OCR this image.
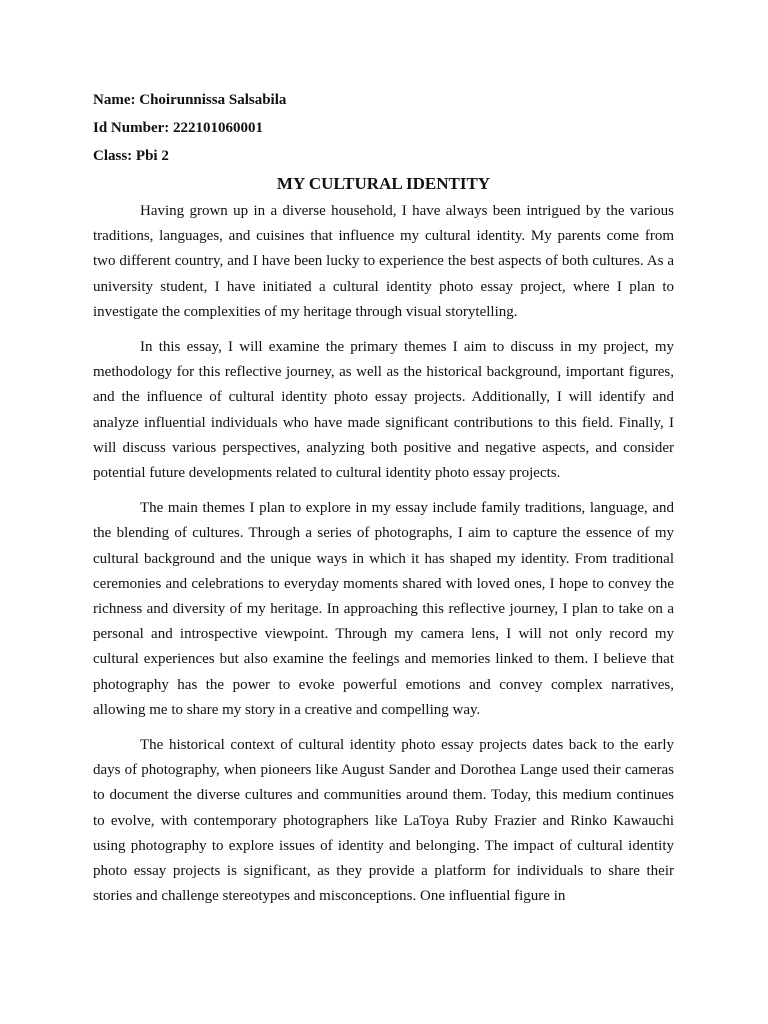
Name: Choirunnissa Salsabila

Id Number: 222101060001

Class: Pbi 2

MY CULTURAL IDENTITY

Having grown up in a diverse household, I have always been intrigued by the various traditions, languages, and cuisines that influence my cultural identity. My parents come from two different country, and I have been lucky to experience the best aspects of both cultures. As a university student, I have initiated a cultural identity photo essay project, where I plan to investigate the complexities of my heritage through visual storytelling.

In this essay, I will examine the primary themes I aim to discuss in my project, my methodology for this reflective journey, as well as the historical background, important figures, and the influence of cultural identity photo essay projects. Additionally, I will identify and analyze influential individuals who have made significant contributions to this field. Finally, I will discuss various perspectives, analyzing both positive and negative aspects, and consider potential future developments related to cultural identity photo essay projects.

The main themes I plan to explore in my essay include family traditions, language, and the blending of cultures. Through a series of photographs, I aim to capture the essence of my cultural background and the unique ways in which it has shaped my identity. From traditional ceremonies and celebrations to everyday moments shared with loved ones, I hope to convey the richness and diversity of my heritage. In approaching this reflective journey, I plan to take on a personal and introspective viewpoint. Through my camera lens, I will not only record my cultural experiences but also examine the feelings and memories linked to them. I believe that photography has the power to evoke powerful emotions and convey complex narratives, allowing me to share my story in a creative and compelling way.

The historical context of cultural identity photo essay projects dates back to the early days of photography, when pioneers like August Sander and Dorothea Lange used their cameras to document the diverse cultures and communities around them. Today, this medium continues to evolve, with contemporary photographers like LaToya Ruby Frazier and Rinko Kawauchi using photography to explore issues of identity and belonging. The impact of cultural identity photo essay projects is significant, as they provide a platform for individuals to share their stories and challenge stereotypes and misconceptions. One influential figure in
